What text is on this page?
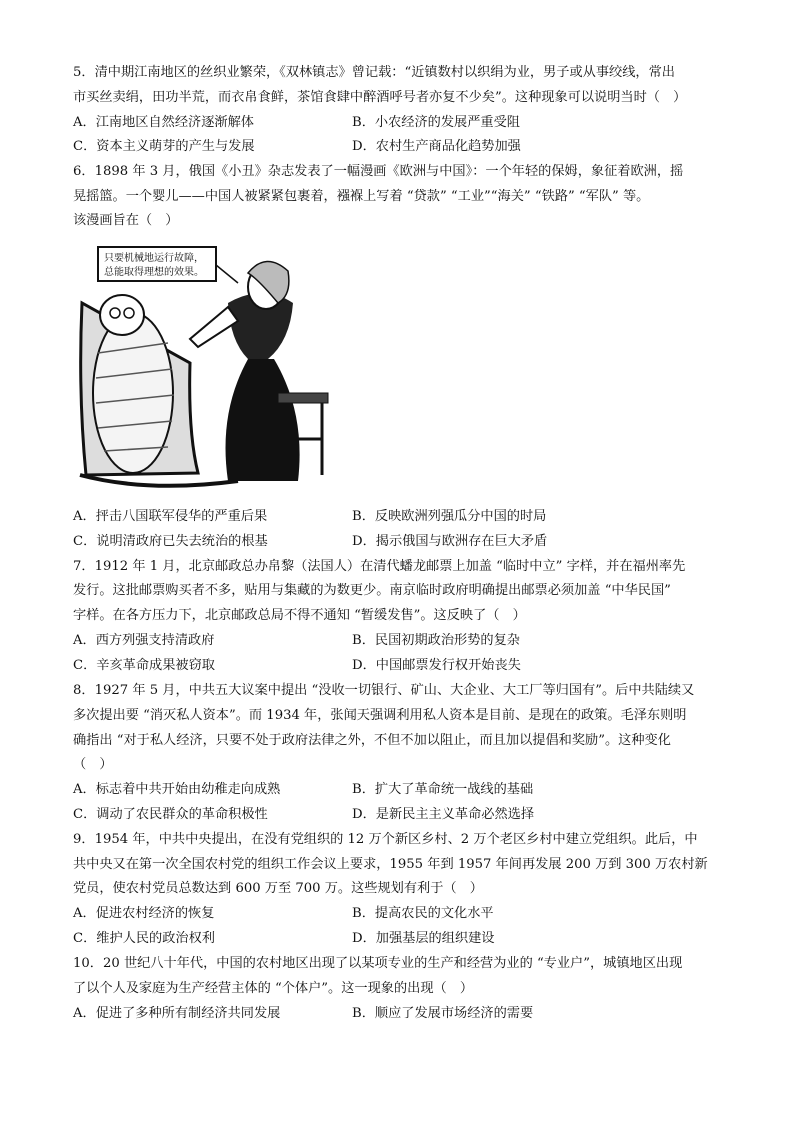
5．清中期江南地区的丝织业繁荣，《双林镇志》曾记载：“近镇数村以织绢为业，男子或从事绞线，常出
市买丝卖绢，田功半荒，而衣帛食鲜，茶馆食肆中醉酒呼号者亦复不少矣”。这种现象可以说明当时（　）
A．江南地区自然经济逐渐解体	B．小农经济的发展严重受阻
C．资本主义萌芽的产生与发展	D．农村生产商品化趋势加强
6．1898 年 3 月，俄国《小丑》杂志发表了一幅漫画《欧洲与中国》：一个年轻的保姆，象征着欧洲，摇
晃摇篮。一个婴儿——中国人被紧紧包裹着，襁褓上写着 “贷款” “工业”“海关” “铁路” “军队” 等。
该漫画旨在（　）
只要机械地运行故障，
总能取得理想的效果。
A．抨击八国联军侵华的严重后果	B．反映欧洲列强瓜分中国的时局
C．说明清政府已失去统治的根基	D．揭示俄国与欧洲存在巨大矛盾
7．1912 年 1 月，北京邮政总办帛黎（法国人）在清代蟠龙邮票上加盖 “临时中立” 字样，并在福州率先
发行。这批邮票购买者不多，贴用与集藏的为数更少。南京临时政府明确提出邮票必须加盖 “中华民国”
字样。在各方压力下，北京邮政总局不得不通知 “暂缓发售”。这反映了（　）
A．西方列强支持清政府	B．民国初期政治形势的复杂
C．辛亥革命成果被窃取	D．中国邮票发行权开始丧失
8．1927 年 5 月，中共五大议案中提出 “没收一切银行、矿山、大企业、大工厂等归国有”。后中共陆续又
多次提出要 “消灭私人资本”。而 1934 年，张闻天强调利用私人资本是目前、是现在的政策。毛泽东则明
确指出 “对于私人经济，只要不处于政府法律之外，不但不加以阻止，而且加以提倡和奖励”。这种变化
（　）
A．标志着中共开始由幼稚走向成熟	B．扩大了革命统一战线的基础
C．调动了农民群众的革命积极性	D．是新民主主义革命必然选择
9．1954 年，中共中央提出，在没有党组织的 12 万个新区乡村、2 万个老区乡村中建立党组织。此后，中
共中央又在第一次全国农村党的组织工作会议上要求，1955 年到 1957 年间再发展 200 万到 300 万农村新
党员，使农村党员总数达到 600 万至 700 万。这些规划有利于（　）
A．促进农村经济的恢复	B．提高农民的文化水平
C．维护人民的政治权利	D．加强基层的组织建设
10．20 世纪八十年代，中国的农村地区出现了以某项专业的生产和经营为业的 “专业户”，城镇地区出现
了以个人及家庭为生产经营主体的 “个体户”。这一现象的出现（　）
A．促进了多种所有制经济共同发展	B．顺应了发展市场经济的需要
